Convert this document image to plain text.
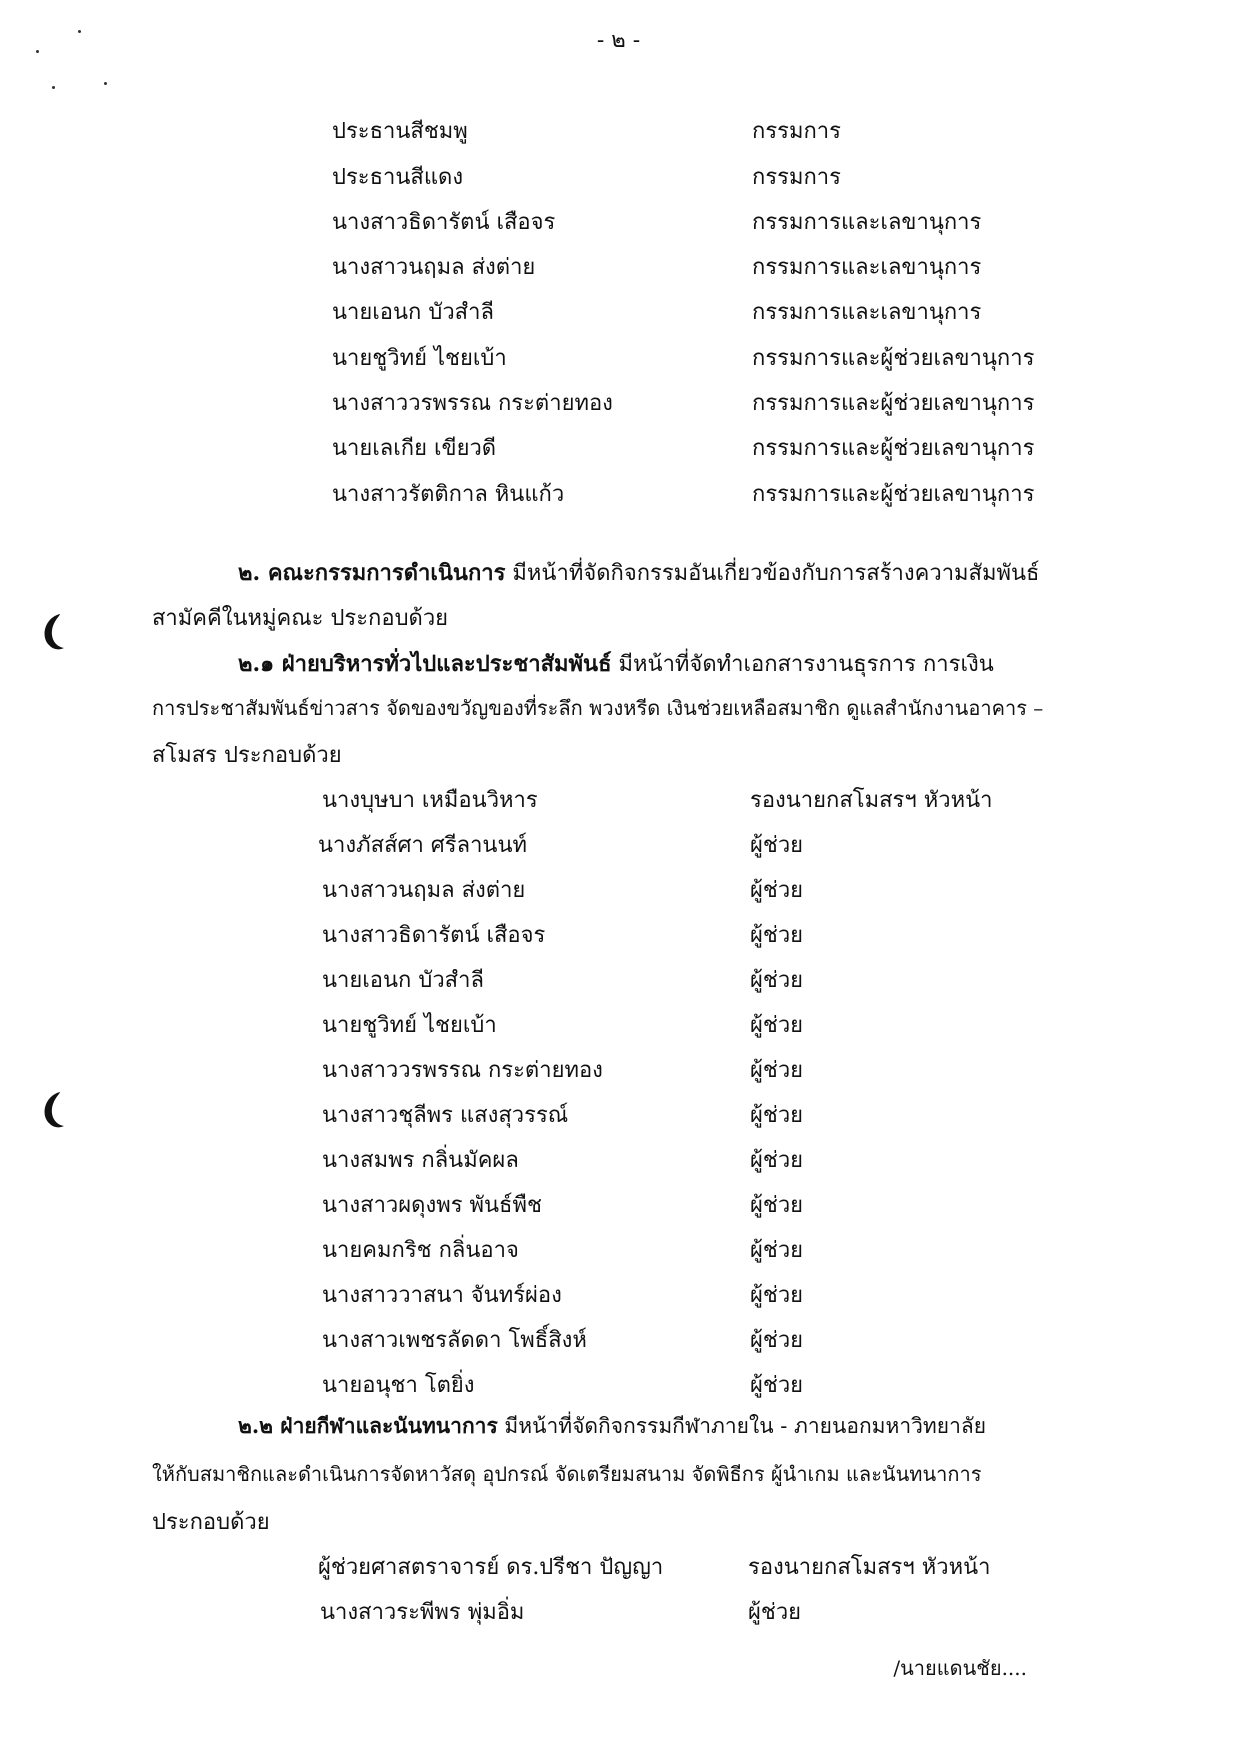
- ๒ -
ประธานสีชมพู	กรรมการ
ประธานสีแดง	กรรมการ
นางสาวธิดารัตน์ เสือจร	กรรมการและเลขานุการ
นางสาวนฤมล ส่งต่าย	กรรมการและเลขานุการ
นายเอนก บัวสำลี	กรรมการและเลขานุการ
นายชูวิทย์ ไชยเบ้า	กรรมการและผู้ช่วยเลขานุการ
นางสาววรพรรณ กระต่ายทอง	กรรมการและผู้ช่วยเลขานุการ
นายเลเกีย เขียวดี	กรรมการและผู้ช่วยเลขานุการ
นางสาวรัตติกาล หินแก้ว	กรรมการและผู้ช่วยเลขานุการ
๒. คณะกรรมการดำเนินการ มีหน้าที่จัดกิจกรรมอันเกี่ยวข้องกับการสร้างความสัมพันธ์
สามัคคีในหมู่คณะ ประกอบด้วย
๒.๑ ฝ่ายบริหารทั่วไปและประชาสัมพันธ์ มีหน้าที่จัดทำเอกสารงานธุรการ การเงิน
การประชาสัมพันธ์ข่าวสาร จัดของขวัญของที่ระลึก พวงหรีด เงินช่วยเหลือสมาชิก ดูแลสำนักงานอาคาร –
สโมสร ประกอบด้วย
นางบุษบา เหมือนวิหาร	รองนายกสโมสรฯ หัวหน้า
นางภัสส์ศา ศรีลานนท์	ผู้ช่วย
นางสาวนฤมล ส่งต่าย	ผู้ช่วย
นางสาวธิดารัตน์ เสือจร	ผู้ช่วย
นายเอนก บัวสำลี	ผู้ช่วย
นายชูวิทย์ ไชยเบ้า	ผู้ช่วย
นางสาววรพรรณ กระต่ายทอง	ผู้ช่วย
นางสาวชุลีพร แสงสุวรรณ์	ผู้ช่วย
นางสมพร กลิ่นมัคผล	ผู้ช่วย
นางสาวผดุงพร พันธ์พืช	ผู้ช่วย
นายคมกริช กลิ่นอาจ	ผู้ช่วย
นางสาววาสนา จันทร์ผ่อง	ผู้ช่วย
นางสาวเพชรลัดดา โพธิ์สิงห์	ผู้ช่วย
นายอนุชา โตยิ่ง	ผู้ช่วย
๒.๒ ฝ่ายกีฬาและนันทนาการ มีหน้าที่จัดกิจกรรมกีฬาภายใน - ภายนอกมหาวิทยาลัย
ให้กับสมาชิกและดำเนินการจัดหาวัสดุ อุปกรณ์ จัดเตรียมสนาม จัดพิธีกร ผู้นำเกม และนันทนาการ
ประกอบด้วย
ผู้ช่วยศาสตราจารย์ ดร.ปรีชา ปัญญา	รองนายกสโมสรฯ หัวหน้า
นางสาวระพีพร พุ่มอิ่ม	ผู้ช่วย
/นายแดนชัย....
